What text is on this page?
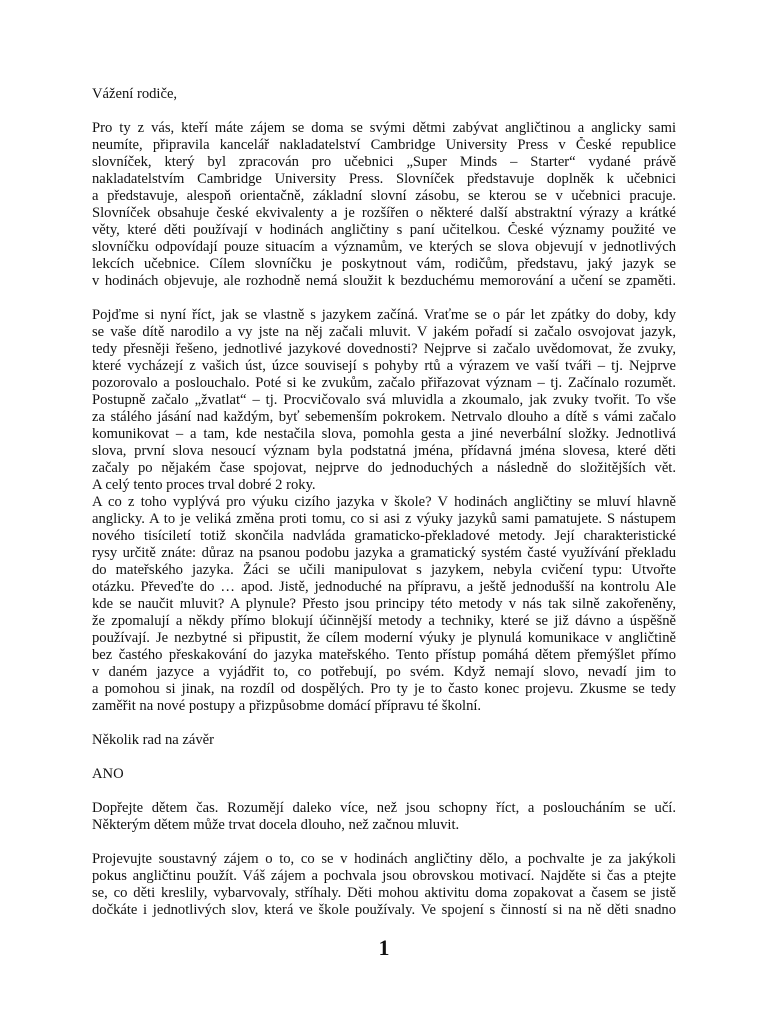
Vážení rodiče,
Pro ty z vás, kteří máte zájem se doma se svými dětmi zabývat angličtinou a anglicky sami
neumíte, připravila kancelář nakladatelství Cambridge University Press v České republice
slovníček, který byl zpracován pro učebnici „Super Minds – Starter“ vydané právě
nakladatelstvím Cambridge University Press. Slovníček představuje doplněk k učebnici
a představuje, alespoň orientačně, základní slovní zásobu, se kterou se v učebnici pracuje.
Slovníček obsahuje české ekvivalenty a je rozšířen o některé další abstraktní výrazy a krátké
věty, které děti používají v hodinách angličtiny s paní učitelkou. České významy použité ve
slovníčku odpovídají pouze situacím a významům, ve kterých se slova objevují v jednotlivých
lekcích učebnice. Cílem slovníčku je poskytnout vám, rodičům, představu, jaký jazyk se
v hodinách objevuje, ale rozhodně nemá sloužit k bezduchému memorování a učení se zpaměti.
Pojďme si nyní říct, jak se vlastně s jazykem začíná. Vraťme se o pár let zpátky do doby, kdy
se vaše dítě narodilo a vy jste na něj začali mluvit. V jakém pořadí si začalo osvojovat jazyk,
tedy přesněji řešeno, jednotlivé jazykové dovednosti? Nejprve si začalo uvědomovat, že zvuky,
které vycházejí z vašich úst, úzce souvisejí s pohyby rtů a výrazem ve vaší tváři – tj. Nejprve
pozorovalo a poslouchalo. Poté si ke zvukům, začalo přiřazovat význam – tj. Začínalo rozumět.
Postupně začalo „žvatlat“ – tj. Procvičovalo svá mluvidla a zkoumalo, jak zvuky tvořit. To vše
za stálého jásání nad každým, byť sebemenším pokrokem. Netrvalo dlouho a dítě s vámi začalo
komunikovat – a tam, kde nestačila slova, pomohla gesta a jiné neverbální složky. Jednotlivá
slova, první slova nesoucí význam byla podstatná jména, přídavná jména slovesa, které děti
začaly po nějakém čase spojovat, nejprve do jednoduchých a následně do složitějších vět.
A celý tento proces trval dobré 2 roky.
A co z toho vyplývá pro výuku cizího jazyka v škole? V hodinách angličtiny se mluví hlavně
anglicky. A to je veliká změna proti tomu, co si asi z výuky jazyků sami pamatujete. S nástupem
nového tisíciletí totiž skončila nadvláda gramaticko-překladové metody. Její charakteristické
rysy určitě znáte: důraz na psanou podobu jazyka a gramatický systém časté využívání překladu
do mateřského jazyka. Žáci se učili manipulovat s jazykem, nebyla cvičení typu: Utvořte
otázku. Převeďte do … apod. Jistě, jednoduché na přípravu, a ještě jednodušší na kontrolu Ale
kde se naučit mluvit? A plynule? Přesto jsou principy této metody v nás tak silně zakořeněny,
že zpomalují a někdy přímo blokují účinnější metody a techniky, které se již dávno a úspěšně
používají. Je nezbytné si připustit, že cílem moderní výuky je plynulá komunikace v angličtině
bez častého přeskakování do jazyka mateřského. Tento přístup pomáhá dětem přemýšlet přímo
v daném jazyce a vyjádřit to, co potřebují, po svém. Když nemají slovo, nevadí jim to
a pomohou si jinak, na rozdíl od dospělých. Pro ty je to často konec projevu. Zkusme se tedy
zaměřit na nové postupy a přizpůsobme domácí přípravu té školní.
Několik rad na závěr
ANO
Dopřejte dětem čas. Rozumějí daleko více, než jsou schopny říct, a posloucháním se učí.
Některým dětem může trvat docela dlouho, než začnou mluvit.
Projevujte soustavný zájem o to, co se v hodinách angličtiny dělo, a pochvalte je za jakýkoli
pokus angličtinu použít. Váš zájem a pochvala jsou obrovskou motivací. Najděte si čas a ptejte
se, co děti kreslily, vybarvovaly, stříhaly. Děti mohou aktivitu doma zopakovat a časem se jistě
dočkáte i jednotlivých slov, která ve škole používaly. Ve spojení s činností si na ně děti snadno
1
